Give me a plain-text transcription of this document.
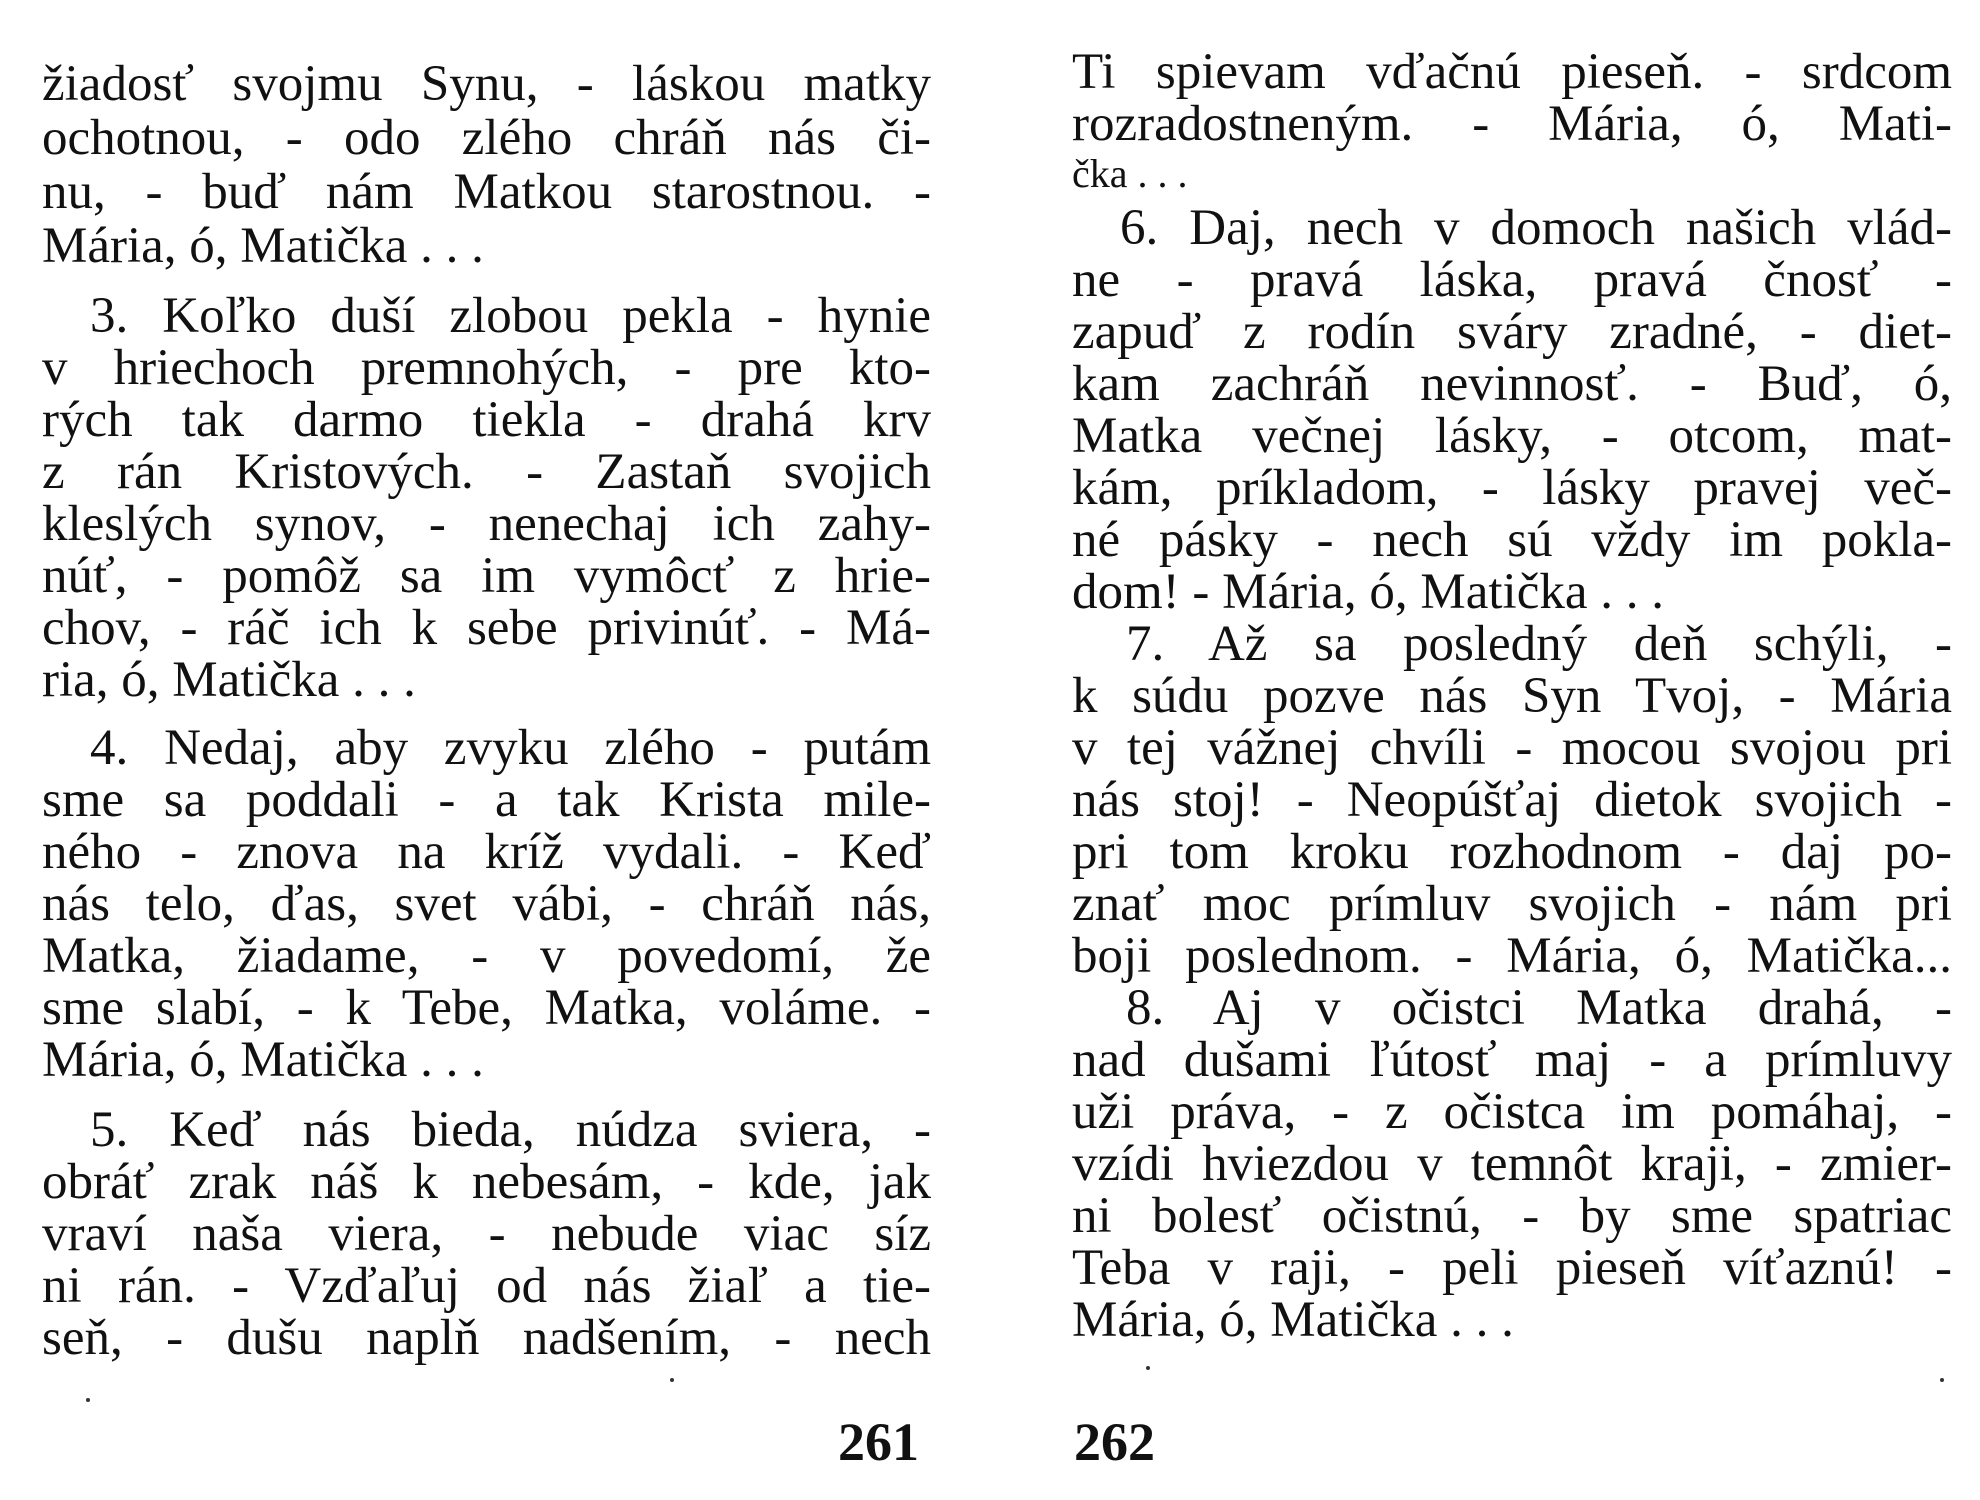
žiadosť svojmu Synu, - láskou matky
ochotnou, - odo zlého chráň nás či-
nu, - buď nám Matkou starostnou. -
Mária, ó, Matička . . .
3. Koľko duší zlobou pekla - hynie
v hriechoch premnohých, - pre kto-
rých tak darmo tiekla - drahá krv
z rán Kristových. - Zastaň svojich
kleslých synov, - nenechaj ich zahy-
núť, - pomôž sa im vymôcť z hrie-
chov, - ráč ich k sebe privinúť. - Má-
ria, ó, Matička . . .
4. Nedaj, aby zvyku zlého - putám
sme sa poddali - a tak Krista mile-
ného - znova na kríž vydali. - Keď
nás telo, ďas, svet vábi, - chráň nás,
Matka, žiadame, - v povedomí, že
sme slabí, - k Tebe, Matka, voláme. -
Mária, ó, Matička . . .
5. Keď nás bieda, núdza sviera, -
obráť zrak náš k nebesám, - kde, jak
vraví naša viera, - nebude viac síz
ni rán. - Vzďaľuj od nás žiaľ a tie-
seň, - dušu naplň nadšením, - nech
261
Ti spievam vďačnú pieseň. - srdcom
rozradostneným. - Mária, ó, Mati-
čka . . .
6. Daj, nech v domoch našich vlád-
ne - pravá láska, pravá čnosť -
zapuď z rodín sváry zradné, - diet-
kam zachráň nevinnosť. - Buď, ó,
Matka večnej lásky, - otcom, mat-
kám, príkladom, - lásky pravej več-
né pásky - nech sú vždy im pokla-
dom! - Mária, ó, Matička . . .
7. Až sa posledný deň schýli, -
k súdu pozve nás Syn Tvoj, - Mária
v tej vážnej chvíli - mocou svojou pri
nás stoj! - Neopúšťaj dietok svojich -
pri tom kroku rozhodnom - daj po-
znať moc prímluv svojich - nám pri
boji poslednom. - Mária, ó, Matička...
8. Aj v očistci Matka drahá, -
nad dušami ľútosť maj - a prímluvy
uži práva, - z očistca im pomáhaj, -
vzídi hviezdou v temnôt kraji, - zmier-
ni bolesť očistnú, - by sme spatriac
Teba v raji, - peli pieseň víťaznú! -
Mária, ó, Matička . . .
262
